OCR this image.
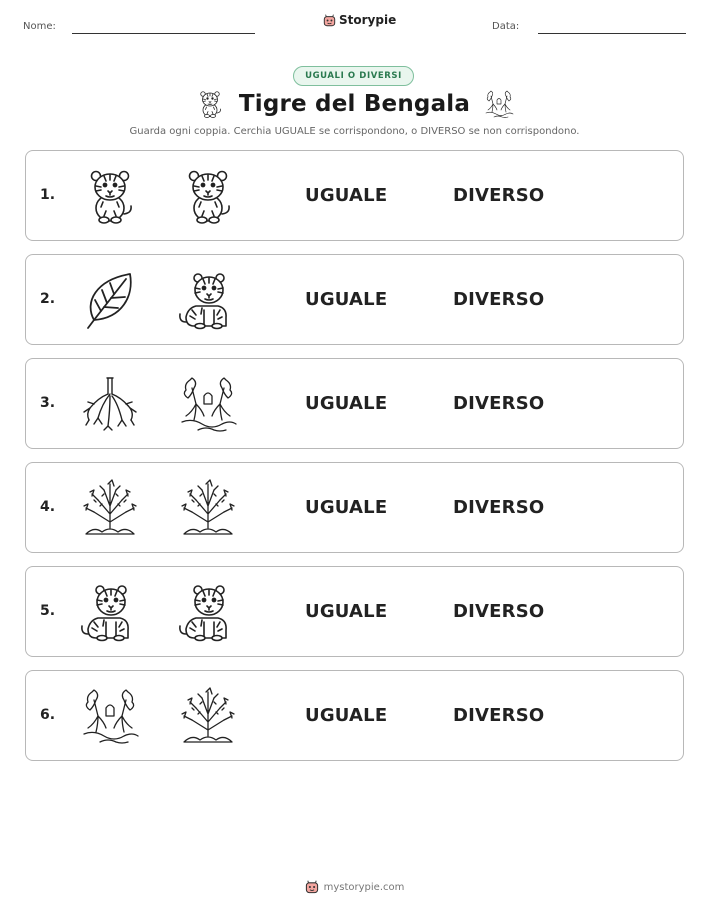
Nome:	Storypie	Data:
UGUALI O DIVERSI
Tigre del Bengala
Guarda ogni coppia. Cerchia UGUALE se corrispondono, o DIVERSO se non corrispondono.
1.	UGUALE	DIVERSO
2.	UGUALE	DIVERSO
3.	UGUALE	DIVERSO
4.	UGUALE	DIVERSO
5.	UGUALE	DIVERSO
6.	UGUALE	DIVERSO
mystorypie.com
